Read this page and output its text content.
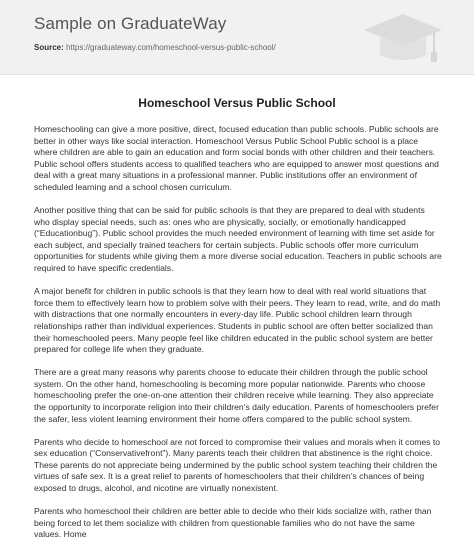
Sample on GraduateWay
Source: https://graduateway.com/homeschool-versus-public-school/
Homeschool Versus Public School

Homeschooling can give a more positive, direct, focused education than public schools. Public schools are better in other ways like social interaction. Homeschool Versus Public School Public school is a place where children are able to gain an education and form social bonds with other children and their teachers. Public school offers students access to qualified teachers who are equipped to answer most questions and deal with a great many situations in a professional manner. Public institutions offer an environment of scheduled learning and a school chosen curriculum.

Another positive thing that can be said for public schools is that they are prepared to deal with students who display special needs, such as: ones who are physically, socially, or emotionally handicapped (“Educationbug”). Public school provides the much needed environment of learning with time set aside for each subject, and specially trained teachers for certain subjects. Public schools offer more curriculum opportunities for students while giving them a more diverse social education. Teachers in public schools are required to have specific credentials.

A major benefit for children in public schools is that they learn how to deal with real world situations that force them to effectively learn how to problem solve with their peers. They learn to read, write, and do math with distractions that one normally encounters in every-day life. Public school children learn through relationships rather than individual experiences. Students in public school are often better socialized than their homeschooled peers. Many people feel like children educated in the public school system are better prepared for college life when they graduate.

There are a great many reasons why parents choose to educate their children through the public school system. On the other hand, homeschooling is becoming more popular nationwide. Parents who choose homeschooling prefer the one-on-one attention their children receive while learning. They also appreciate the opportunity to incorporate religion into their children’s daily education. Parents of homeschoolers prefer the safer, less violent learning environment their home offers compared to the public school system.

Parents who decide to homeschool are not forced to compromise their values and morals when it comes to sex education (“Conservativefront”). Many parents teach their children that abstinence is the right choice. These parents do not appreciate being undermined by the public school system teaching their children the virtues of safe sex. It is a great relief to parents of homeschoolers that their children’s chances of being exposed to drugs, alcohol, and nicotine are virtually nonexistent.

Parents who homeschool their children are better able to decide who their kids socialize with, rather than being forced to let them socialize with children from questionable families who do not have the same values. Home
